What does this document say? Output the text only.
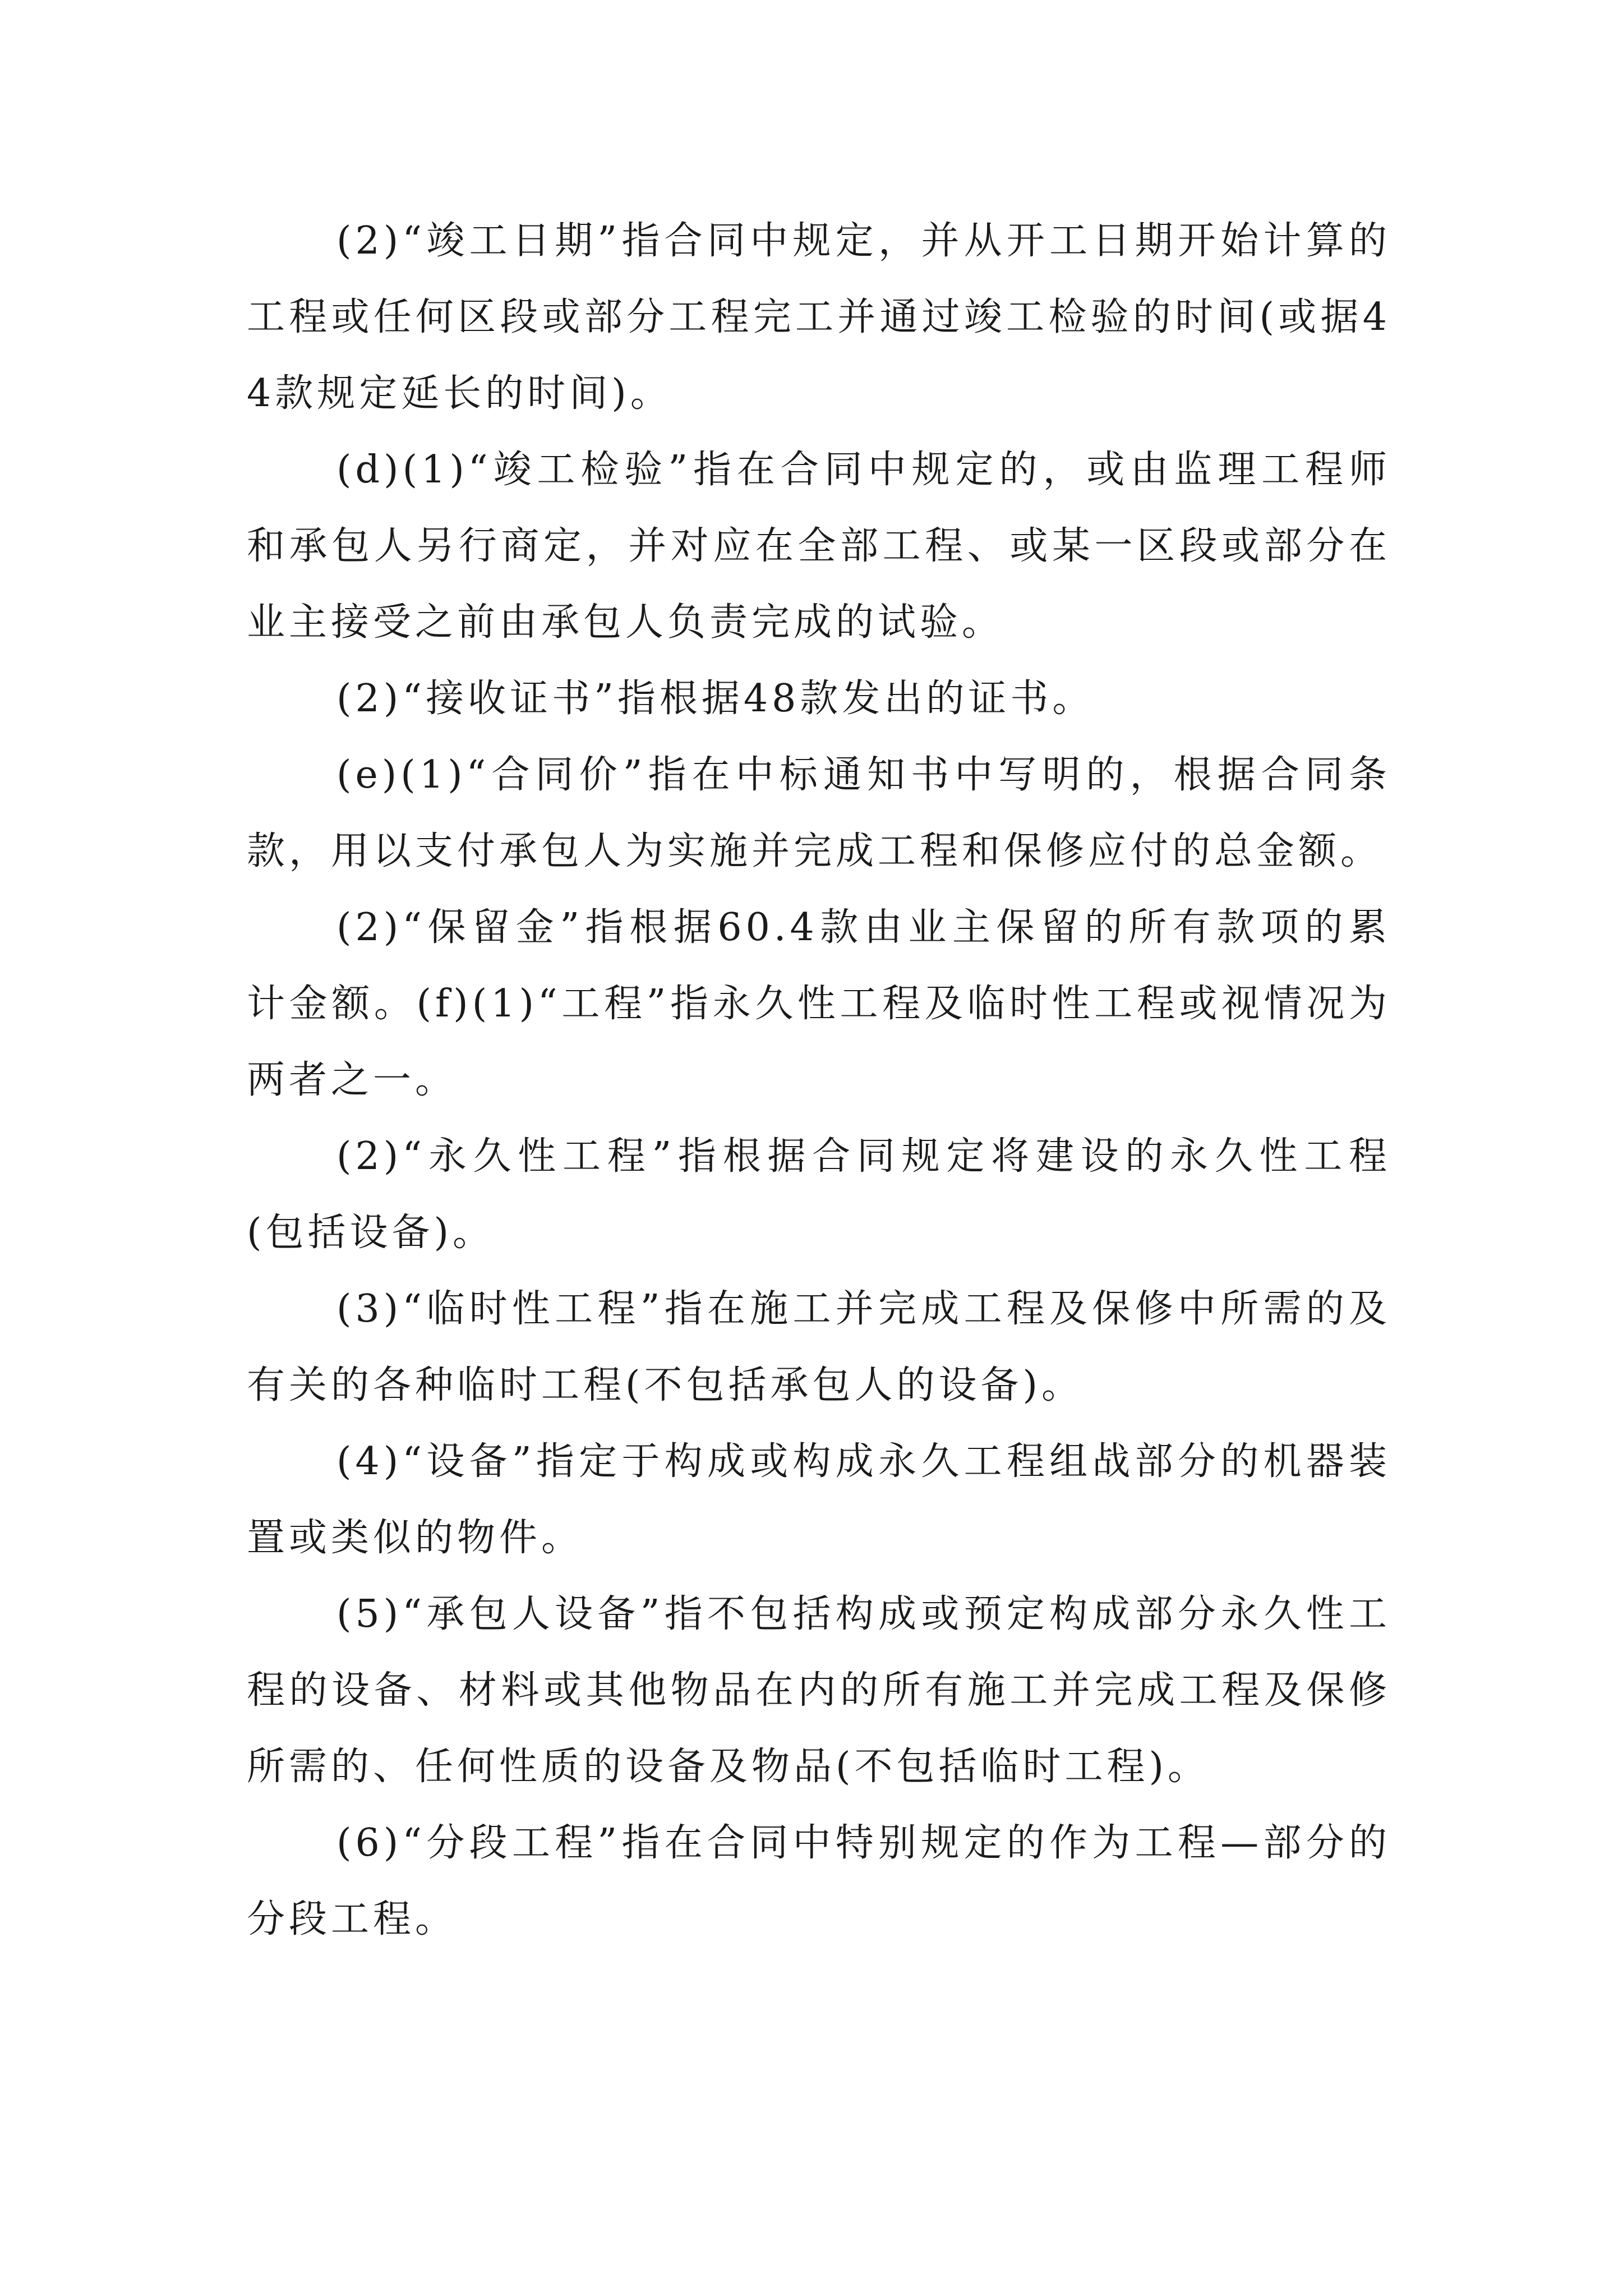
(2)“竣工日期”指合同中规定，并从开工日期开始计算的工程或任何区段或部分工程完工并通过竣工检验的时间(或据44款规定延长的时间)。

(d)(1)“竣工检验”指在合同中规定的，或由监理工程师和承包人另行商定，并对应在全部工程、或某一区段或部分在业主接受之前由承包人负责完成的试验。

(2)“接收证书”指根据48款发出的证书。

(e)(1)“合同价”指在中标通知书中写明的，根据合同条款，用以支付承包人为实施并完成工程和保修应付的总金额。

(2)“保留金”指根据60.4款由业主保留的所有款项的累计金额。(f)(1)“工程”指永久性工程及临时性工程或视情况为两者之一。

(2)“永久性工程”指根据合同规定将建设的永久性工程(包括设备)。

(3)“临时性工程”指在施工并完成工程及保修中所需的及有关的各种临时工程(不包括承包人的设备)。

(4)“设备”指定于构成或构成永久工程组战部分的机器装置或类似的物件。

(5)“承包人设备”指不包括构成或预定构成部分永久性工程的设备、材料或其他物品在内的所有施工并完成工程及保修所需的、任何性质的设备及物品(不包括临时工程)。

(6)“分段工程”指在合同中特别规定的作为工程—部分的分段工程。
